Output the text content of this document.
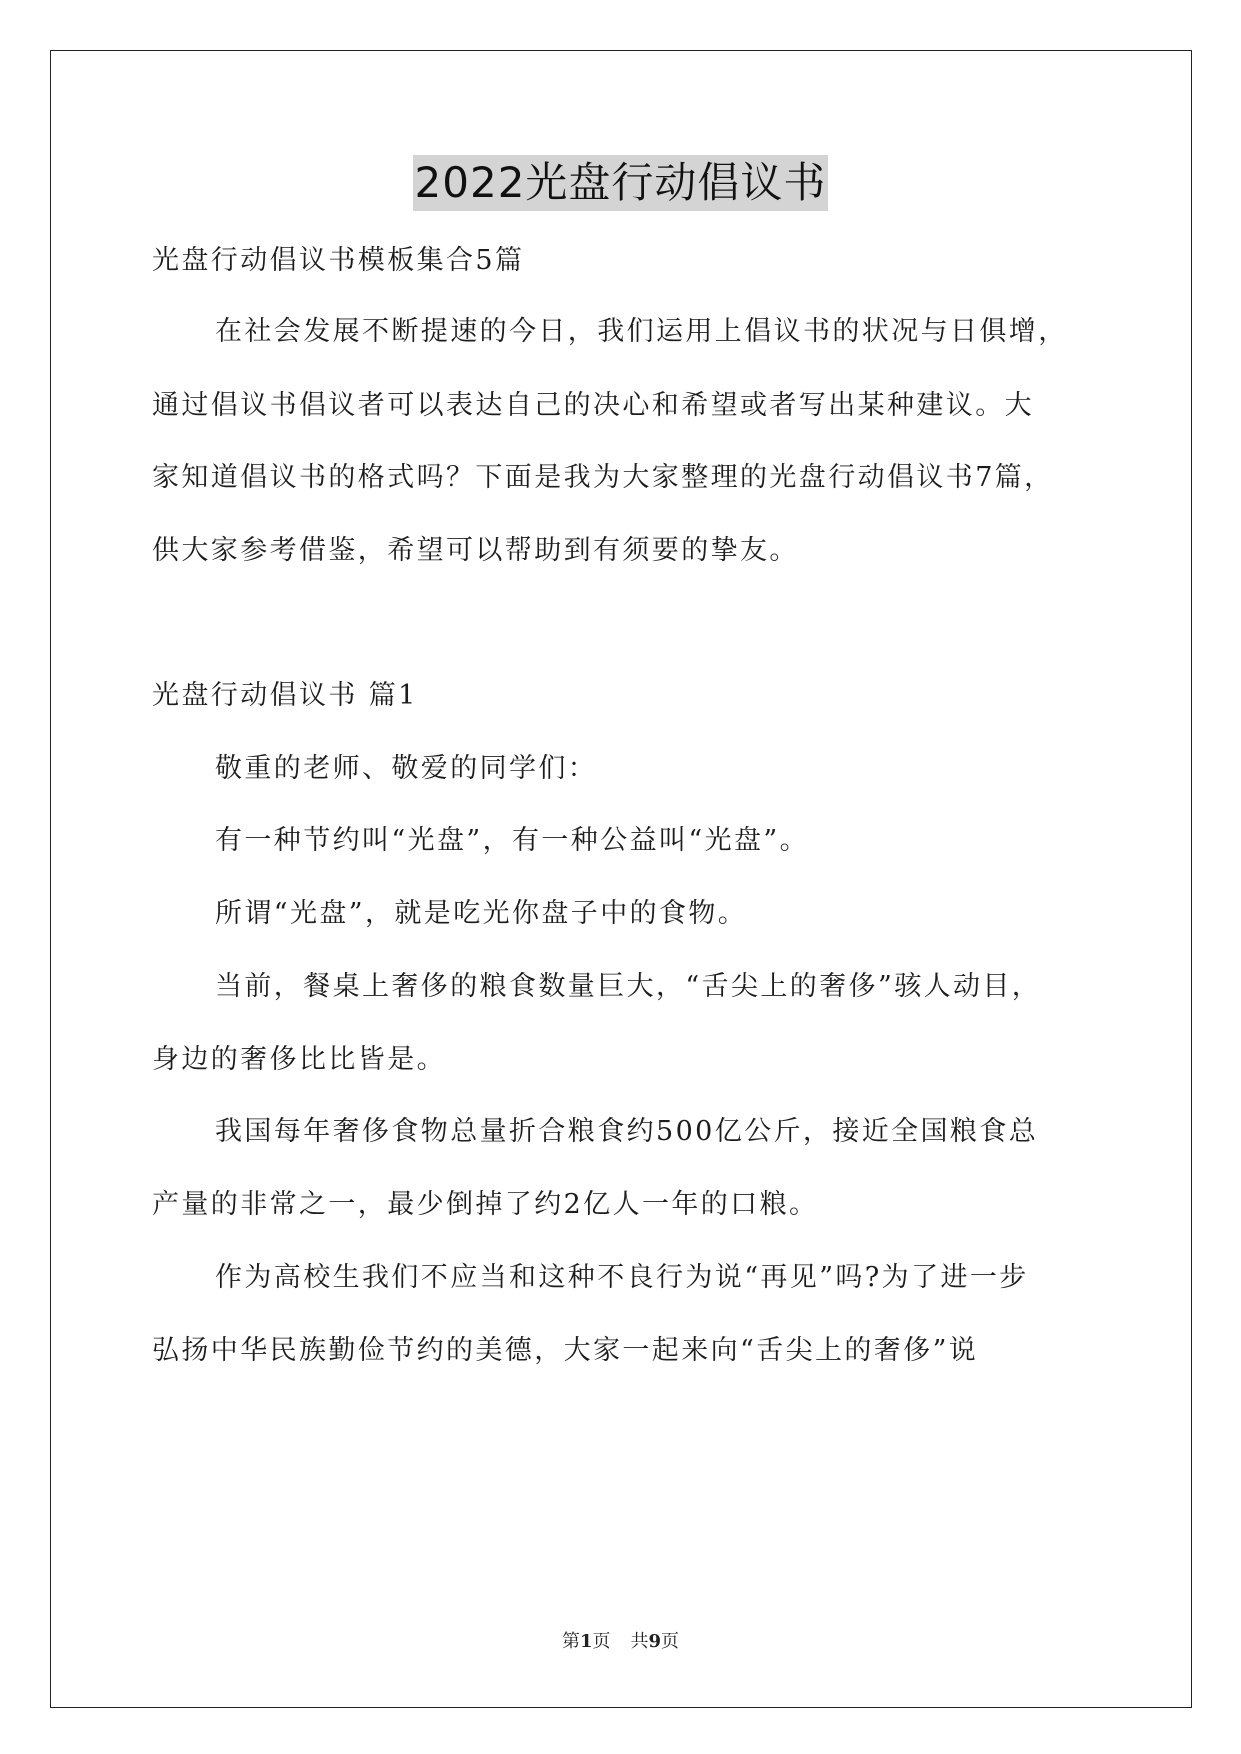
2022光盘行动倡议书
光盘行动倡议书模板集合5篇
在社会发展不断提速的今日，我们运用上倡议书的状况与日俱增，
通过倡议书倡议者可以表达自己的决心和希望或者写出某种建议。大
家知道倡议书的格式吗？下面是我为大家整理的光盘行动倡议书7篇，
供大家参考借鉴，希望可以帮助到有须要的挚友。
光盘行动倡议书 篇1
敬重的老师、敬爱的同学们：
有一种节约叫“光盘”，有一种公益叫“光盘”。
所谓“光盘”，就是吃光你盘子中的食物。
当前，餐桌上奢侈的粮食数量巨大，“舌尖上的奢侈”骇人动目，
身边的奢侈比比皆是。
我国每年奢侈食物总量折合粮食约500亿公斤，接近全国粮食总
产量的非常之一，最少倒掉了约2亿人一年的口粮。
作为高校生我们不应当和这种不良行为说“再见”吗?为了进一步
弘扬中华民族勤俭节约的美德，大家一起来向“舌尖上的奢侈”说
第1页 共9页
